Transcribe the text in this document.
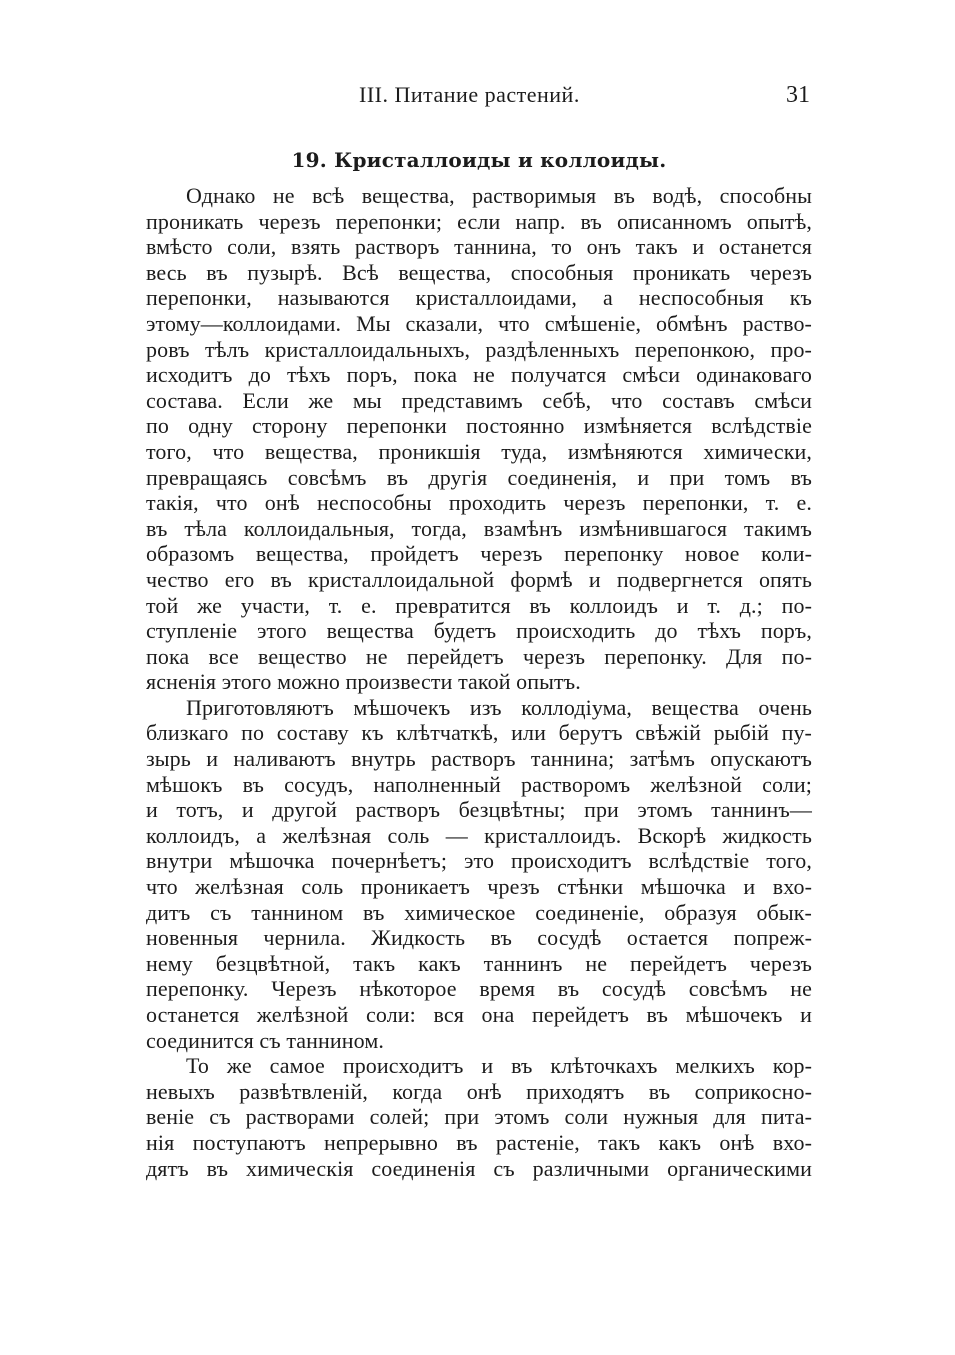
III. Питание растений.	31
19. Кристаллоиды и коллоиды.
Однако не всѣ вещества, растворимыя въ водѣ, способны
проникать черезъ перепонки; если напр. въ описанномъ опытѣ,
вмѣсто соли, взять растворъ таннина, то онъ такъ и останется
весь въ пузырѣ. Всѣ вещества, способныя проникать черезъ
перепонки, называются кристаллоидами, а неспособныя къ
этому—коллоидами. Мы сказали, что смѣшеніе, обмѣнъ раство-
ровъ тѣлъ кристаллоидальныхъ, раздѣленныхъ перепонкою, про-
исходитъ до тѣхъ поръ, пока не получатся смѣси одинаковаго
состава. Если же мы представимъ себѣ, что составъ смѣси
по одну сторону перепонки постоянно измѣняется вслѣдствіе
того, что вещества, проникшія туда, измѣняются химически,
превращаясь совсѣмъ въ другія соединенія, и при томъ въ
такія, что онѣ неспособны проходить черезъ перепонки, т. е.
въ тѣла коллоидальныя, тогда, взамѣнъ измѣнившагося такимъ
образомъ вещества, пройдетъ черезъ перепонку новое коли-
чество его въ кристаллоидальной формѣ и подвергнется опять
той же участи, т. е. превратится въ коллоидъ и т. д.; по-
ступленіе этого вещества будетъ происходить до тѣхъ поръ,
пока все вещество не перейдетъ черезъ перепонку. Для по-
ясненія этого можно произвести такой опытъ.
Приготовляютъ мѣшочекъ изъ коллодіума, вещества очень
близкаго по составу къ клѣтчаткѣ, или берутъ свѣжій рыбій пу-
зырь и наливаютъ внутрь растворъ таннина; затѣмъ опускаютъ
мѣшокъ въ сосудъ, наполненный растворомъ желѣзной соли;
и тотъ, и другой растворъ безцвѣтны; при этомъ таннинъ—
коллоидъ, а желѣзная соль — кристаллоидъ. Вскорѣ жидкость
внутри мѣшочка почернѣетъ; это происходитъ вслѣдствіе того,
что желѣзная соль проникаетъ чрезъ стѣнки мѣшочка и вхо-
дитъ съ таннином въ химическое соединеніе, образуя обык-
новенныя чернила. Жидкость въ сосудѣ остается попреж-
нему безцвѣтной, такъ какъ таннинъ не перейдетъ черезъ
перепонку. Черезъ нѣкоторое время въ сосудѣ совсѣмъ не
останется желѣзной соли: вся она перейдетъ въ мѣшочекъ и
соединится съ таннином.
То же самое происходитъ и въ клѣточкахъ мелкихъ кор-
невыхъ развѣтвленій, когда онѣ приходятъ въ соприкосно-
веніе съ растворами солей; при этомъ соли нужныя для пита-
нія поступаютъ непрерывно въ растеніе, такъ какъ онѣ вхо-
дятъ въ химическія соединенія съ различными органическими
